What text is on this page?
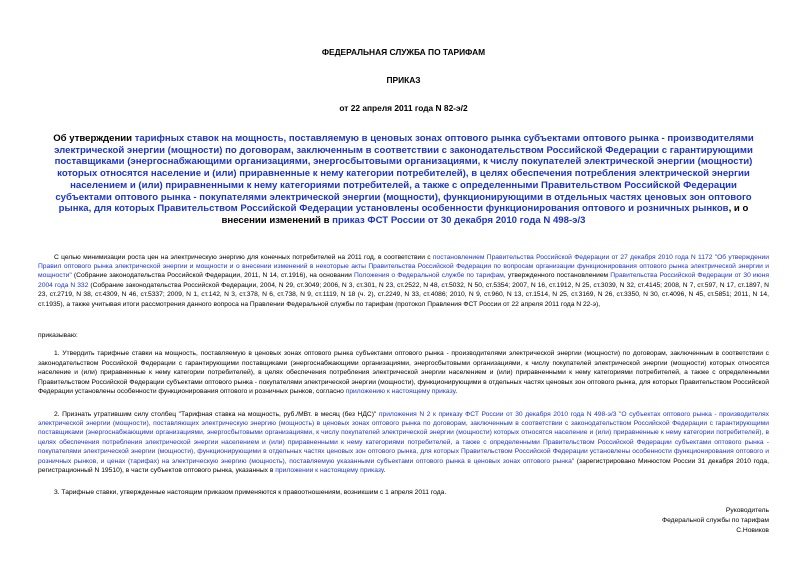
ФЕДЕРАЛЬНАЯ СЛУЖБА ПО ТАРИФАМ
ПРИКАЗ
от 22 апреля 2011 года N 82-э/2
Об утверждении тарифных ставок на мощность, поставляемую в ценовых зонах оптового рынка субъектами оптового рынка - производителями электрической энергии (мощности) по договорам, заключенным в соответствии с законодательством Российской Федерации с гарантирующими поставщиками (энергоснабжающими организациями, энергосбытовыми организациями, к числу покупателей электрической энергии (мощности) которых относятся население и (или) приравненные к нему категории потребителей), в целях обеспечения потребления электрической энергии населением и (или) приравненными к нему категориями потребителей, а также с определенными Правительством Российской Федерации субъектами оптового рынка - покупателями электрической энергии (мощности), функционирующими в отдельных частях ценовых зон оптового рынка, для которых Правительством Российской Федерации установлены особенности функционирования оптового и розничных рынков, и о внесении изменений в приказ ФСТ России от 30 декабря 2010 года N 498-э/3
С целью минимизации роста цен на электрическую энергию для конечных потребителей на 2011 год, в соответствии с постановлением Правительства Российской Федерации от 27 декабря 2010 года N 1172 "Об утверждении Правил оптового рынка электрической энергии и мощности и о внесении изменений в некоторые акты Правительства Российской Федерации по вопросам организации функционирования оптового рынка электрической энергии и мощности" (Собрание законодательства Российской Федерации, 2011, N 14, ст.1916), на основании Положения о Федеральной службе по тарифам, утвержденного постановлением Правительства Российской Федерации от 30 июня 2004 года N 332 (Собрание законодательства Российской Федерации, 2004, N 29, ст.3049; 2006, N 3, ст.301, N 23, ст.2522, N 48, ст.5032, N 50, ст.5354; 2007, N 16, ст.1912, N 25, ст.3039, N 32, ст.4145; 2008, N 7, ст.597, N 17, ст.1897, N 23, ст.2719, N 38, ст.4309, N 46, ст.5337; 2009, N 1, ст.142, N 3, ст.378, N 6, ст.738, N 9, ст.1119, N 18 (ч. 2), ст.2249, N 33, ст.4086; 2010, N 9, ст.960, N 13, ст.1514, N 25, ст.3169, N 26, ст.3350, N 30, ст.4096, N 45, ст.5851; 2011, N 14, ст.1935), а также учитывая итоги рассмотрения данного вопроса на Правлении Федеральной службы по тарифам (протокол Правления ФСТ России от 22 апреля 2011 года N 22-э),
приказываю:
1. Утвердить тарифные ставки на мощность, поставляемую в ценовых зонах оптового рынка субъектами оптового рынка - производителями электрической энергии (мощности) по договорам, заключенным в соответствии с законодательством Российской Федерации с гарантирующими поставщиками (энергоснабжающими организациями, энергосбытовыми организациями, к числу покупателей электрической энергии (мощности) которых относятся население и (или) приравненные к нему категории потребителей), в целях обеспечения потребления электрической энергии населением и (или) приравненными к нему категориями потребителей, а также с определенными Правительством Российской Федерации субъектами оптового рынка - покупателями электрической энергии (мощности), функционирующими в отдельных частях ценовых зон оптового рынка, для которых Правительством Российской Федерации установлены особенности функционирования оптового и розничных рынков, согласно приложению к настоящему приказу.
2. Признать утратившим силу столбец "Тарифная ставка на мощность, руб./МВт. в месяц (без НДС)" приложения N 2 к приказу ФСТ России от 30 декабря 2010 года N 498-э/3 "О субъектах оптового рынка - производителях электрической энергии (мощности), поставляющих электрическую энергию (мощность) в ценовых зонах оптового рынка по договорам, заключенным в соответствии с законодательством Российской Федерации с гарантирующими поставщиками (энергоснабжающими организациями, энергосбытовыми организациями, к числу покупателей электрической энергии (мощности) которых относятся население и (или) приравненные к нему категории потребителей), в целях обеспечения потребления электрической энергии населением и (или) приравненными к нему категориями потребителей, а также с определенными Правительством Российской Федерации субъектами оптового рынка - покупателями электрической энергии (мощности), функционирующими в отдельных частях ценовых зон оптового рынка, для которых Правительством Российской Федерации установлены особенности функционирования оптового и розничных рынков, и ценах (тарифах) на электрическую энергию (мощность), поставляемую указанными субъектами оптового рынка в ценовых зонах оптового рынка" (зарегистрировано Минюстом России 31 декабря 2010 года, регистрационный N 19510), в части субъектов оптового рынка, указанных в приложении к настоящему приказу.
3. Тарифные ставки, утвержденные настоящим приказом применяются к правоотношениям, возникшим с 1 апреля 2011 года.
Руководитель
Федеральной службы по тарифам
С.Новиков
